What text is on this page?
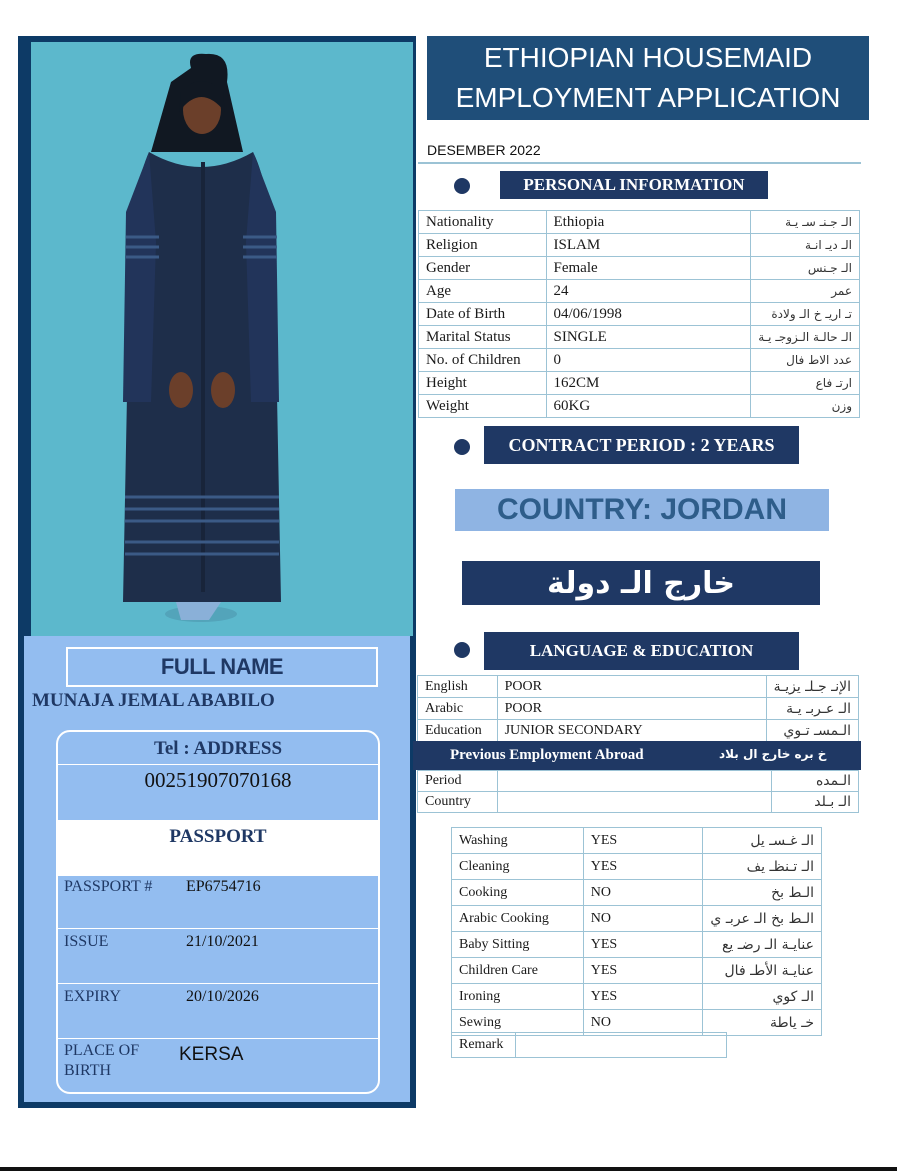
FULL NAME
MUNAJA JEMAL ABABILO
Tel : ADDRESS
00251907070168
PASSPORT
PASSPORT # EP6754716
ISSUE	21/10/2021
EXPIRY	20/10/2026
PLACE OF
BIRTH
KERSA
ETHIOPIAN HOUSEMAID
EMPLOYMENT APPLICATION
DESEMBER 2022
PERSONAL INFORMATION
Nationality	Ethiopia	الـ جـنـ سـ يـة
Religion	ISLAM	الـ ديـ انـة
Gender	Female	الـ جـنس
Age	24	عمر
Date of Birth	04/06/1998	تـ اريـ خ الـ ولادة
Marital Status	SINGLE	الـ حالـة الـزوجـ يـة
No. of Children	0	عدد الاط فال
Height	162CM	ارتـ فاع
Weight	60KG	وزن
CONTRACT PERIOD : 2 YEARS
COUNTRY: JORDAN
خارج الـ دولة
LANGUAGE & EDUCATION
English	POOR	الإنـ جـلـ يزيـة
Arabic	POOR	الـ عـربـ يـة
Education	JUNIOR SECONDARY	الـمسـ تـوي
Previous Employment Abroad	خ بره خارج ال بلاد
Period		الـمده
Country		الـ بـلد
Washing	YES	الـ غـسـ يل
Cleaning	YES	الـ تـنظـ يف
Cooking	NO	الـط بخ
Arabic Cooking	NO	الـط بخ الـ عربـ ي
Baby Sitting	YES	عنايـة الـ رضـ يع
Children Care	YES	عنايـة الأطـ فال
Ironing	YES	الـ كوي
Sewing	NO	خـ ياطة
Remark	
